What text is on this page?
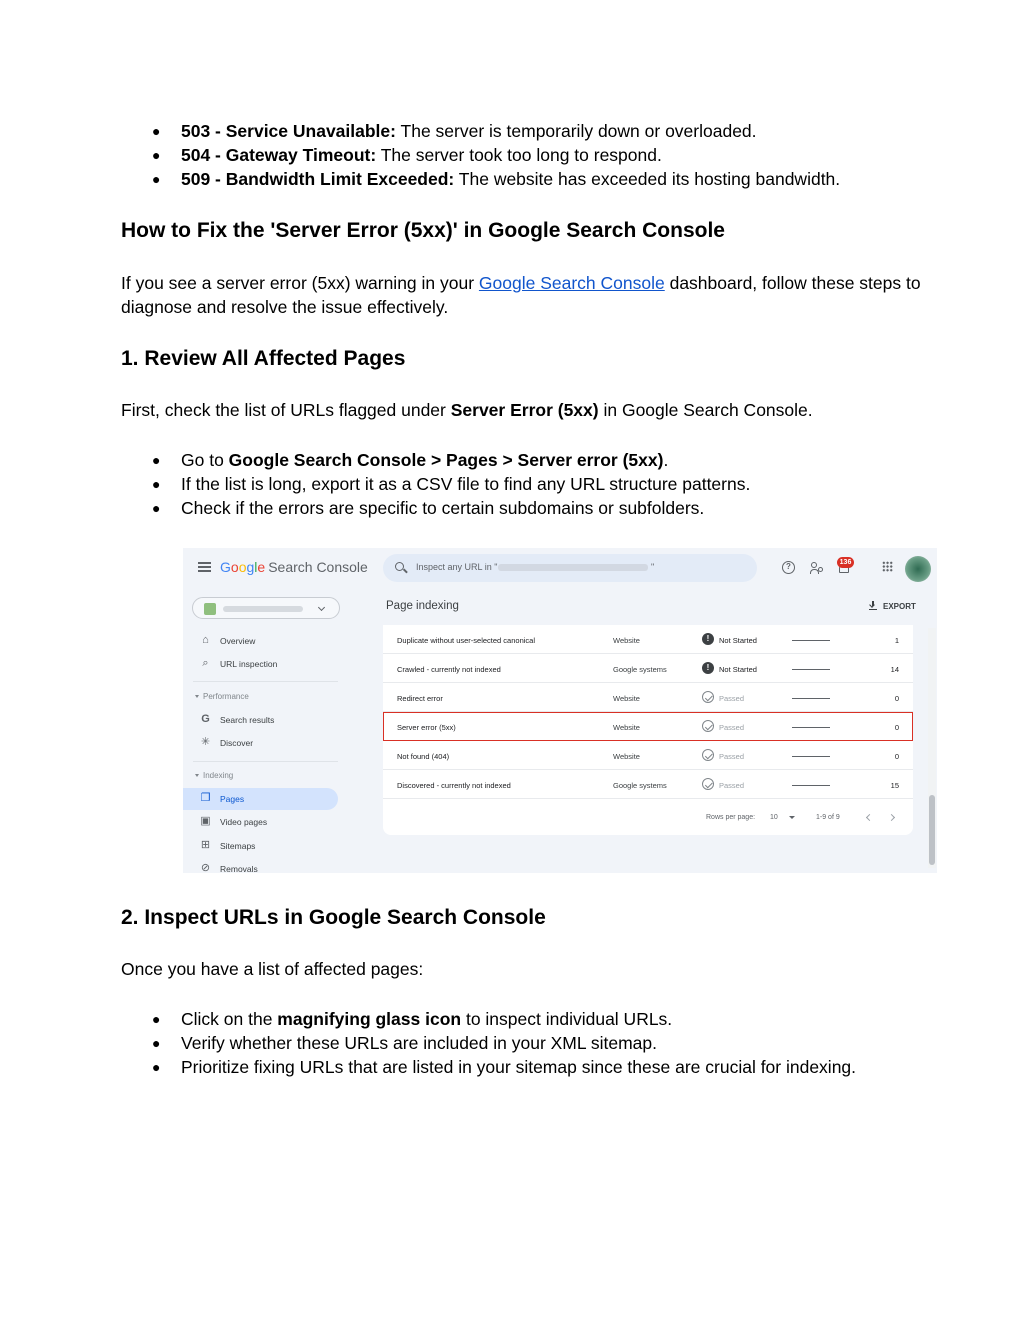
● 503 - Service Unavailable: The server is temporarily down or overloaded.
● 504 - Gateway Timeout: The server took too long to respond.
● 509 - Bandwidth Limit Exceeded: The website has exceeded its hosting bandwidth.
How to Fix the 'Server Error (5xx)' in Google Search Console

If you see a server error (5xx) warning in your Google Search Console dashboard, follow these steps to diagnose and resolve the issue effectively.

1. Review All Affected Pages

First, check the list of URLs flagged under Server Error (5xx) in Google Search Console.

● Go to Google Search Console > Pages > Server error (5xx).
● If the list is long, export it as a CSV file to find any URL structure patterns.
● Check if the errors are specific to certain subdomains or subfolders.
Google Search Console	Inspect any URL in "	"	?	136
⌂ Overview
⌕ URL inspection
Performance
G Search results
✳ Discover
Indexing
❐ Pages
▣ Video pages
⊞ Sitemaps
⊘ Removals
Page indexing	EXPORT
Duplicate without user-selected canonical	Website	!	Not Started	1
Crawled - currently not indexed	Google systems	!	Not Started	14
Redirect error	Website	Passed	0
Server error (5xx)	Website	Passed	0
Not found (404)	Website	Passed	0
Discovered - currently not indexed	Google systems	Passed	15
Rows per page: 10	1-9 of 9
2. Inspect URLs in Google Search Console

Once you have a list of affected pages:

● Click on the magnifying glass icon to inspect individual URLs.
● Verify whether these URLs are included in your XML sitemap.
● Prioritize fixing URLs that are listed in your sitemap since these are crucial for indexing.
